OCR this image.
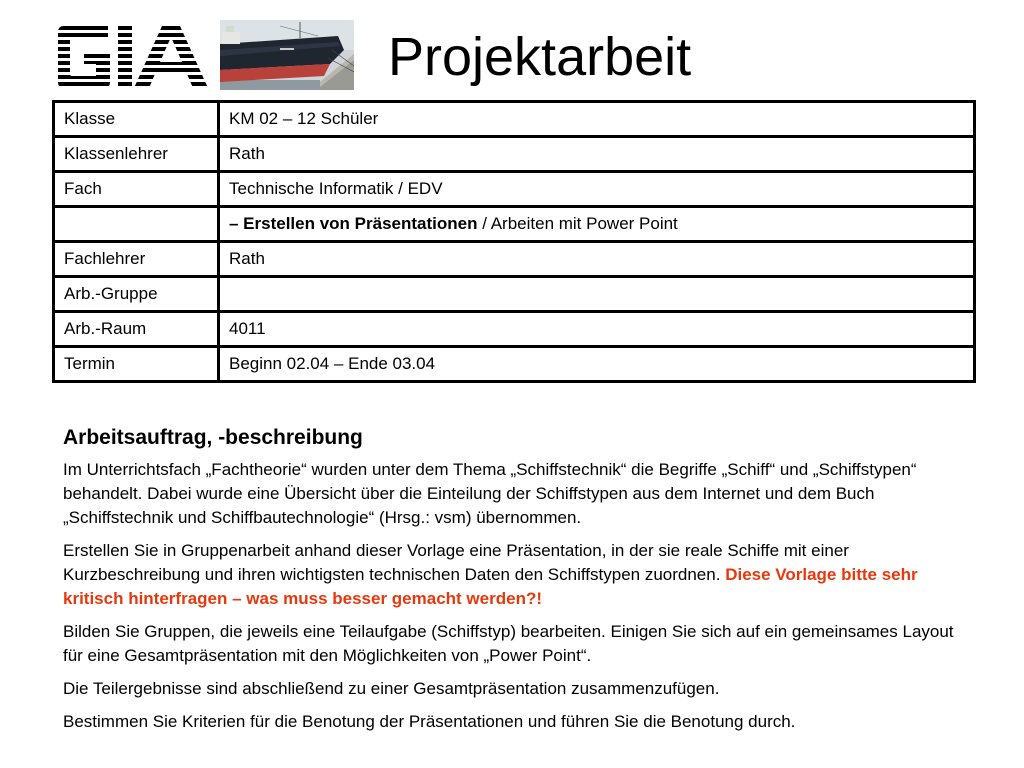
Projektarbeit
Klasse	KM 02 – 12 Schüler
Klassenlehrer	Rath
Fach	Technische Informatik / EDV
	– Erstellen von Präsentationen / Arbeiten mit Power Point
Fachlehrer	Rath
Arb.-Gruppe	
Arb.-Raum	4011
Termin	Beginn 02.04 – Ende 03.04
Arbeitsauftrag, -beschreibung

Im Unterrichtsfach „Fachtheorie“ wurden unter dem Thema „Schiffstechnik“ die Begriffe „Schiff“ und „Schiffstypen“ behandelt. Dabei wurde eine Übersicht über die Einteilung der Schiffstypen aus dem Internet und dem Buch „Schiffstechnik und Schiffbautechnologie“ (Hrsg.: vsm) übernommen.

Erstellen Sie in Gruppenarbeit anhand dieser Vorlage eine Präsentation, in der sie reale Schiffe mit einer Kurzbeschreibung und ihren wichtigsten technischen Daten den Schiffstypen zuordnen. Diese Vorlage bitte sehr kritisch hinterfragen – was muss besser gemacht werden?!

Bilden Sie Gruppen, die jeweils eine Teilaufgabe (Schiffstyp) bearbeiten. Einigen Sie sich auf ein gemeinsames Layout für eine Gesamtpräsentation mit den Möglichkeiten von „Power Point“.

Die Teilergebnisse sind abschließend zu einer Gesamtpräsentation zusammenzufügen.

Bestimmen Sie Kriterien für die Benotung der Präsentationen und führen Sie die Benotung durch.
